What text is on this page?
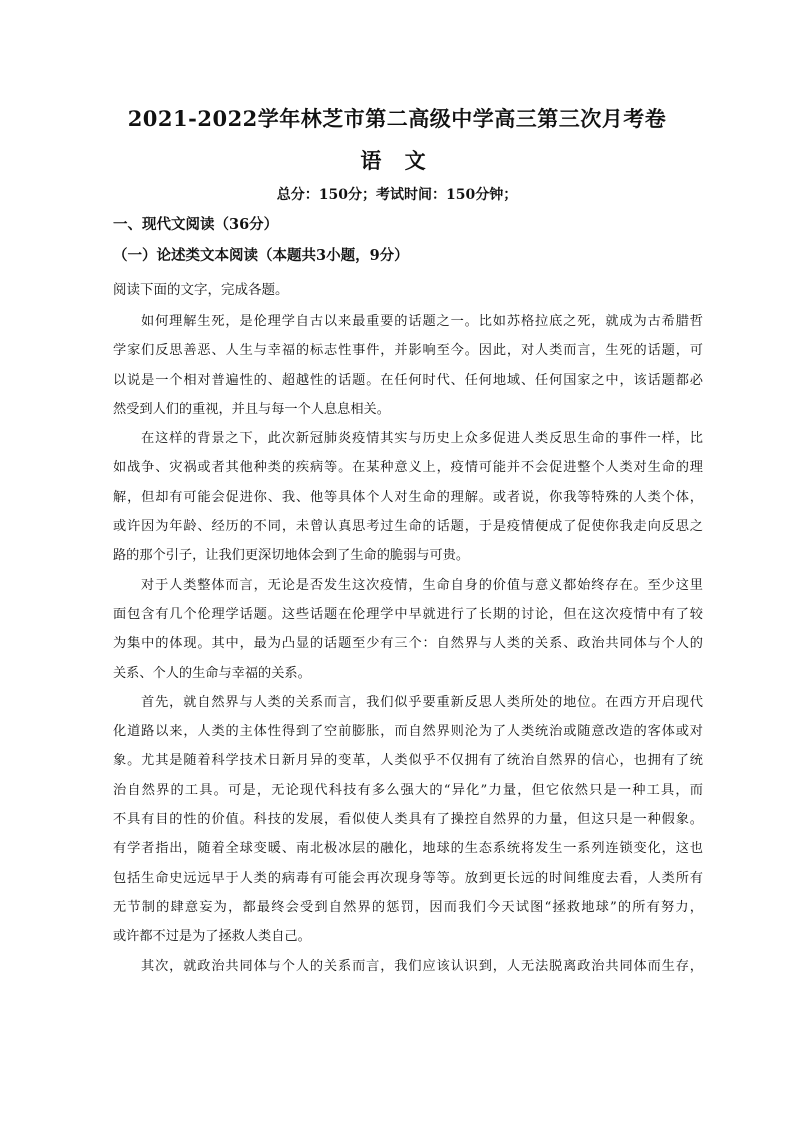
2021-2022学年林芝市第二高级中学高三第三次月考卷
语 文
总分：150分；考试时间：150分钟；
一、现代文阅读（36分）
（一）论述类文本阅读（本题共3小题，9分）
阅读下面的文字，完成各题。
如何理解生死，是伦理学自古以来最重要的话题之一。比如苏格拉底之死，就成为古希腊哲
学家们反思善恶、人生与幸福的标志性事件，并影响至今。因此，对人类而言，生死的话题，可
以说是一个相对普遍性的、超越性的话题。在任何时代、任何地域、任何国家之中，该话题都必
然受到人们的重视，并且与每一个人息息相关。
在这样的背景之下，此次新冠肺炎疫情其实与历史上众多促进人类反思生命的事件一样，比
如战争、灾祸或者其他种类的疾病等。在某种意义上，疫情可能并不会促进整个人类对生命的理
解，但却有可能会促进你、我、他等具体个人对生命的理解。或者说，你我等特殊的人类个体，
或许因为年龄、经历的不同，未曾认真思考过生命的话题，于是疫情便成了促使你我走向反思之
路的那个引子，让我们更深切地体会到了生命的脆弱与可贵。
对于人类整体而言，无论是否发生这次疫情，生命自身的价值与意义都始终存在。至少这里
面包含有几个伦理学话题。这些话题在伦理学中早就进行了长期的讨论，但在这次疫情中有了较
为集中的体现。其中，最为凸显的话题至少有三个：自然界与人类的关系、政治共同体与个人的
关系、个人的生命与幸福的关系。
首先，就自然界与人类的关系而言，我们似乎要重新反思人类所处的地位。在西方开启现代
化道路以来，人类的主体性得到了空前膨胀，而自然界则沦为了人类统治或随意改造的客体或对
象。尤其是随着科学技术日新月异的变革，人类似乎不仅拥有了统治自然界的信心，也拥有了统
治自然界的工具。可是，无论现代科技有多么强大的“异化”力量，但它依然只是一种工具，而
不具有目的性的价值。科技的发展，看似使人类具有了操控自然界的力量，但这只是一种假象。
有学者指出，随着全球变暖、南北极冰层的融化，地球的生态系统将发生一系列连锁变化，这也
包括生命史远远早于人类的病毒有可能会再次现身等等。放到更长远的时间维度去看，人类所有
无节制的肆意妄为，都最终会受到自然界的惩罚，因而我们今天试图“拯救地球”的所有努力，
或许都不过是为了拯救人类自己。
其次，就政治共同体与个人的关系而言，我们应该认识到，人无法脱离政治共同体而生存，
